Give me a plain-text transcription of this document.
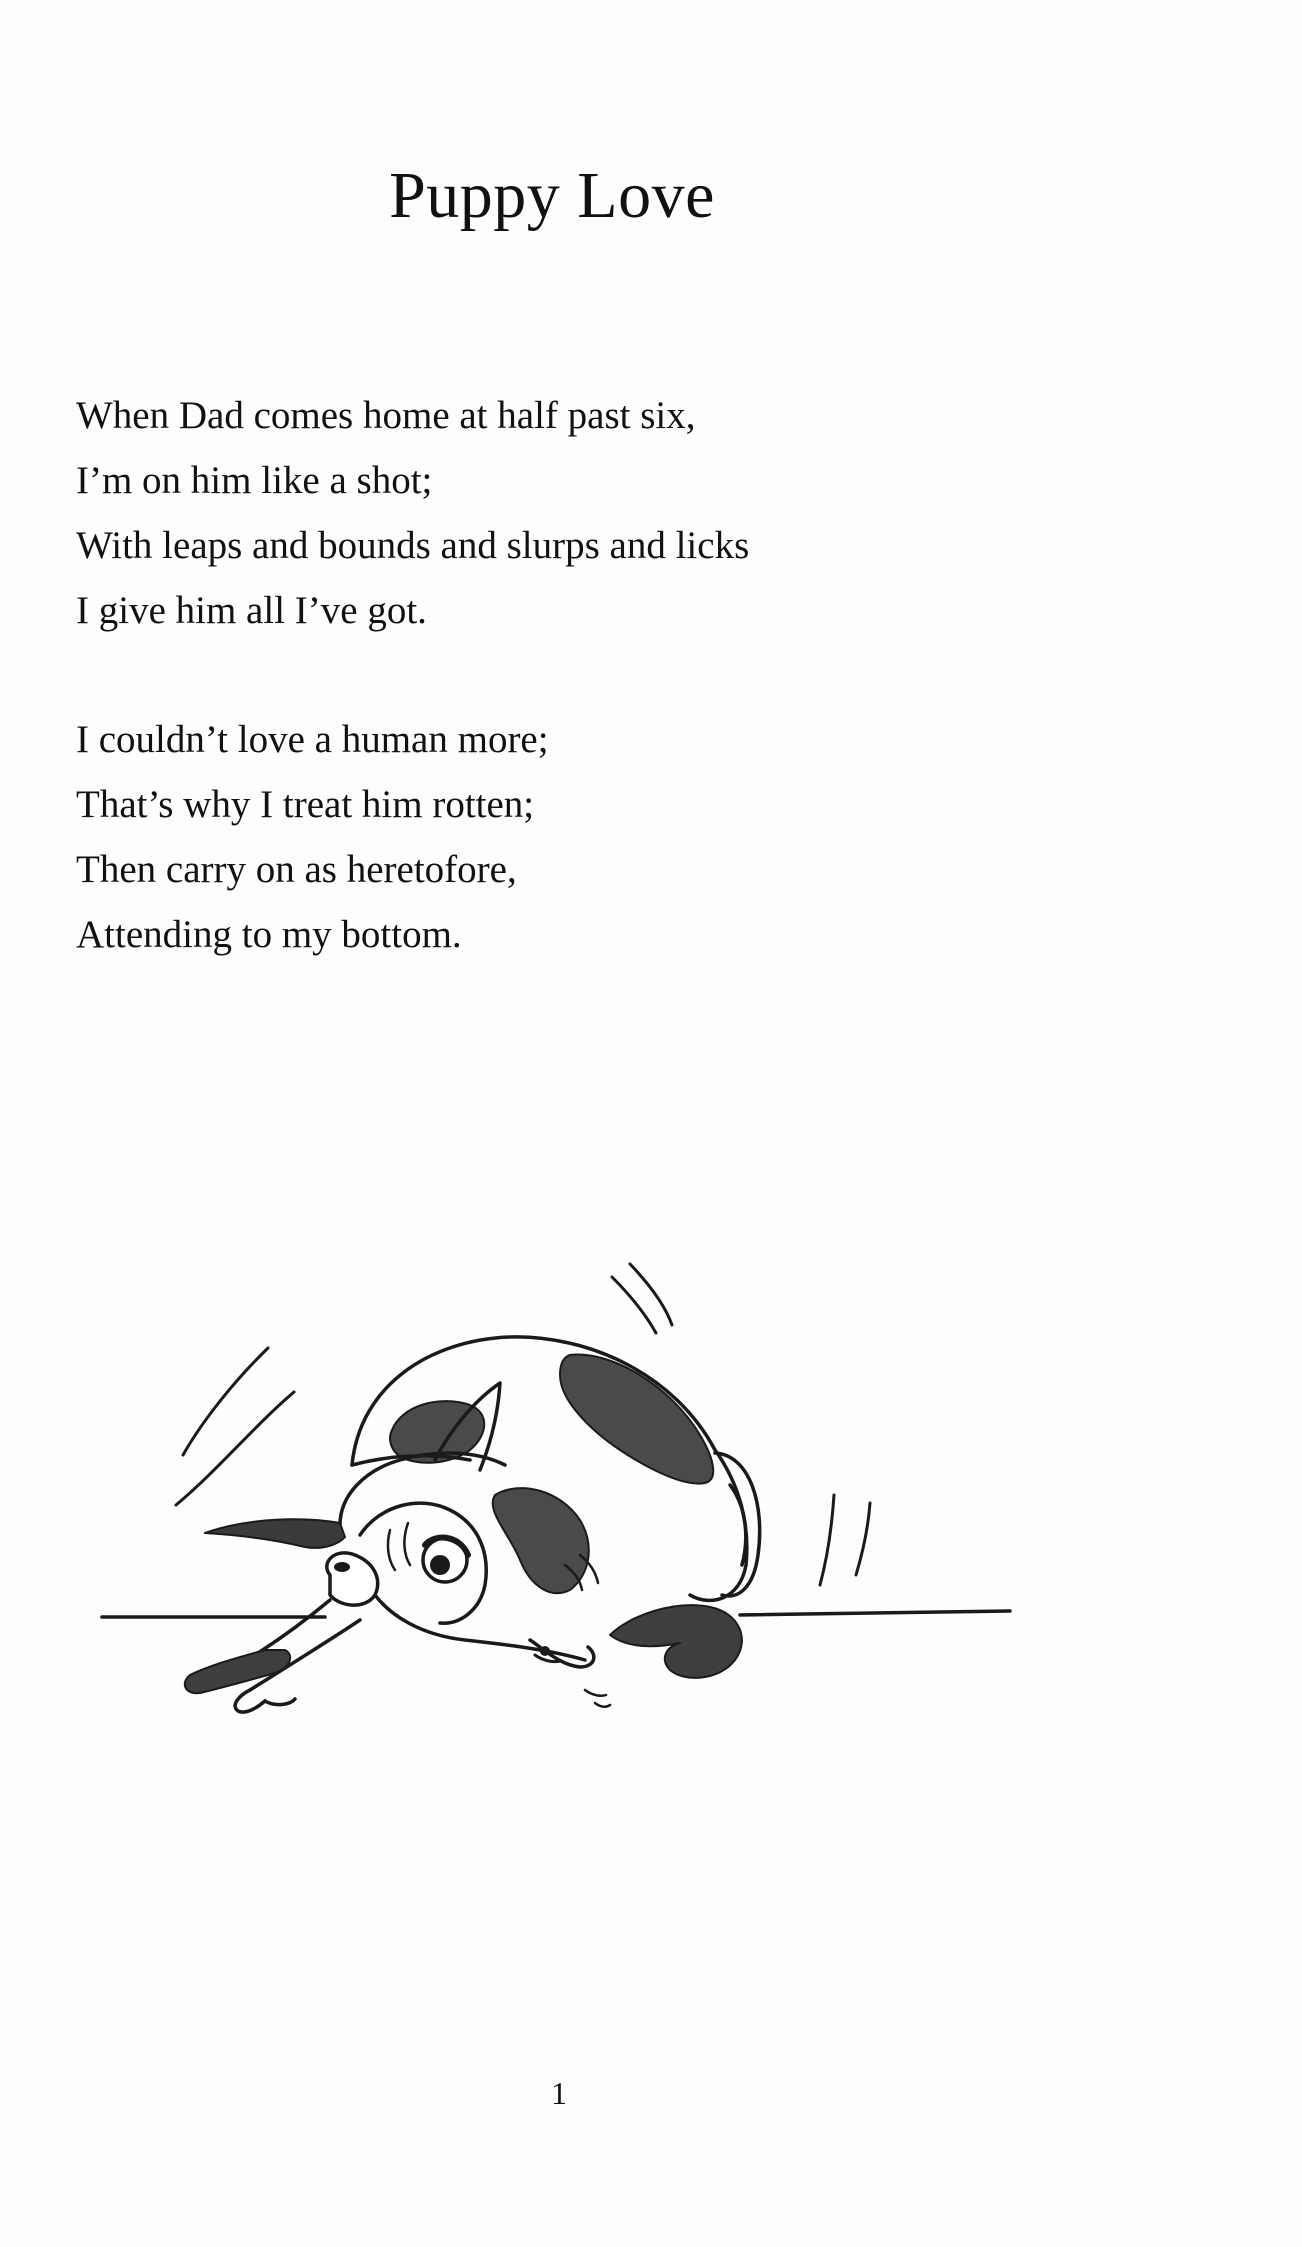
Puppy Love

When Dad comes home at half past six,
I’m on him like a shot;
With leaps and bounds and slurps and licks
I give him all I’ve got.

I couldn’t love a human more;
That’s why I treat him rotten;
Then carry on as heretofore,
Attending to my bottom.

1
